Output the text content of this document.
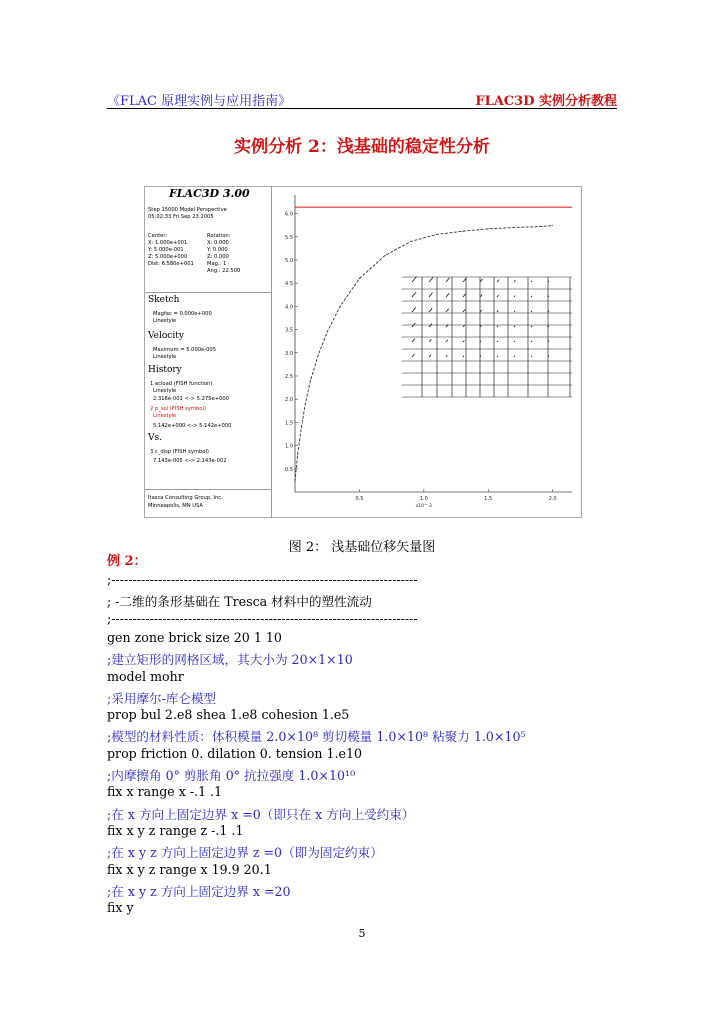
《FLAC 原理实例与应用指南》	FLAC3D 实例分析教程
实例分析 2：浅基础的稳定性分析
FLAC3D 3.00
Step 15000 Model Perspective
05:02:33 Fri Sep 23 2005
Center:	Rotation:
X: 1.000e+001
Y: 5.000e-001
Z: 5.000e+000
Dist: 6.580e+001
X: 0.000
Y: 0.000
Z: 0.000
Mag.: 1
Ang.: 22.500
Sketch
Magfac = 0.000e+000
Linestyle
Velocity
Maximum = 5.000e-005
Linestyle
History
1 ecload (FISH function)
Linestyle
2.316e-001 <-> 5.275e+000
2 p_sol (FISH symbol)
Linestyle
5.142e+000 <-> 5.142e+000
Vs.
3 c_disp (FISH symbol)
7.143e-005 <-> 2.143e-002
Itasca Consulting Group, Inc.
Minneapolis, MN USA
0.5
1.0
1.5
2.0
2.5
3.0
3.5
4.0
4.5
5.0
5.5
6.0
0.5	1.0	1.5	2.0
x10^-2
图 2： 浅基础位移矢量图
例 2：
;------------------------------------------------------------------------
; -二维的条形基础在 Tresca 材料中的塑性流动
;------------------------------------------------------------------------
gen zone brick size 20 1 10
;建立矩形的网格区域，其大小为 20×1×10
model mohr
;采用摩尔-库仑模型
prop bul 2.e8 shea 1.e8 cohesion 1.e5
;模型的材料性质：体积模量 2.0×10⁸ 剪切模量 1.0×10⁸ 粘聚力 1.0×10⁵
prop friction 0. dilation 0. tension 1.e10
;内摩擦角 0° 剪胀角 0° 抗拉强度 1.0×10¹⁰
fix x range x -.1 .1
;在 x 方向上固定边界 x =0（即只在 x 方向上受约束）
fix x y z range z -.1 .1
;在 x y z 方向上固定边界 z =0（即为固定约束）
fix x y z range x 19.9 20.1
;在 x y z 方向上固定边界 x =20
fix y
5
